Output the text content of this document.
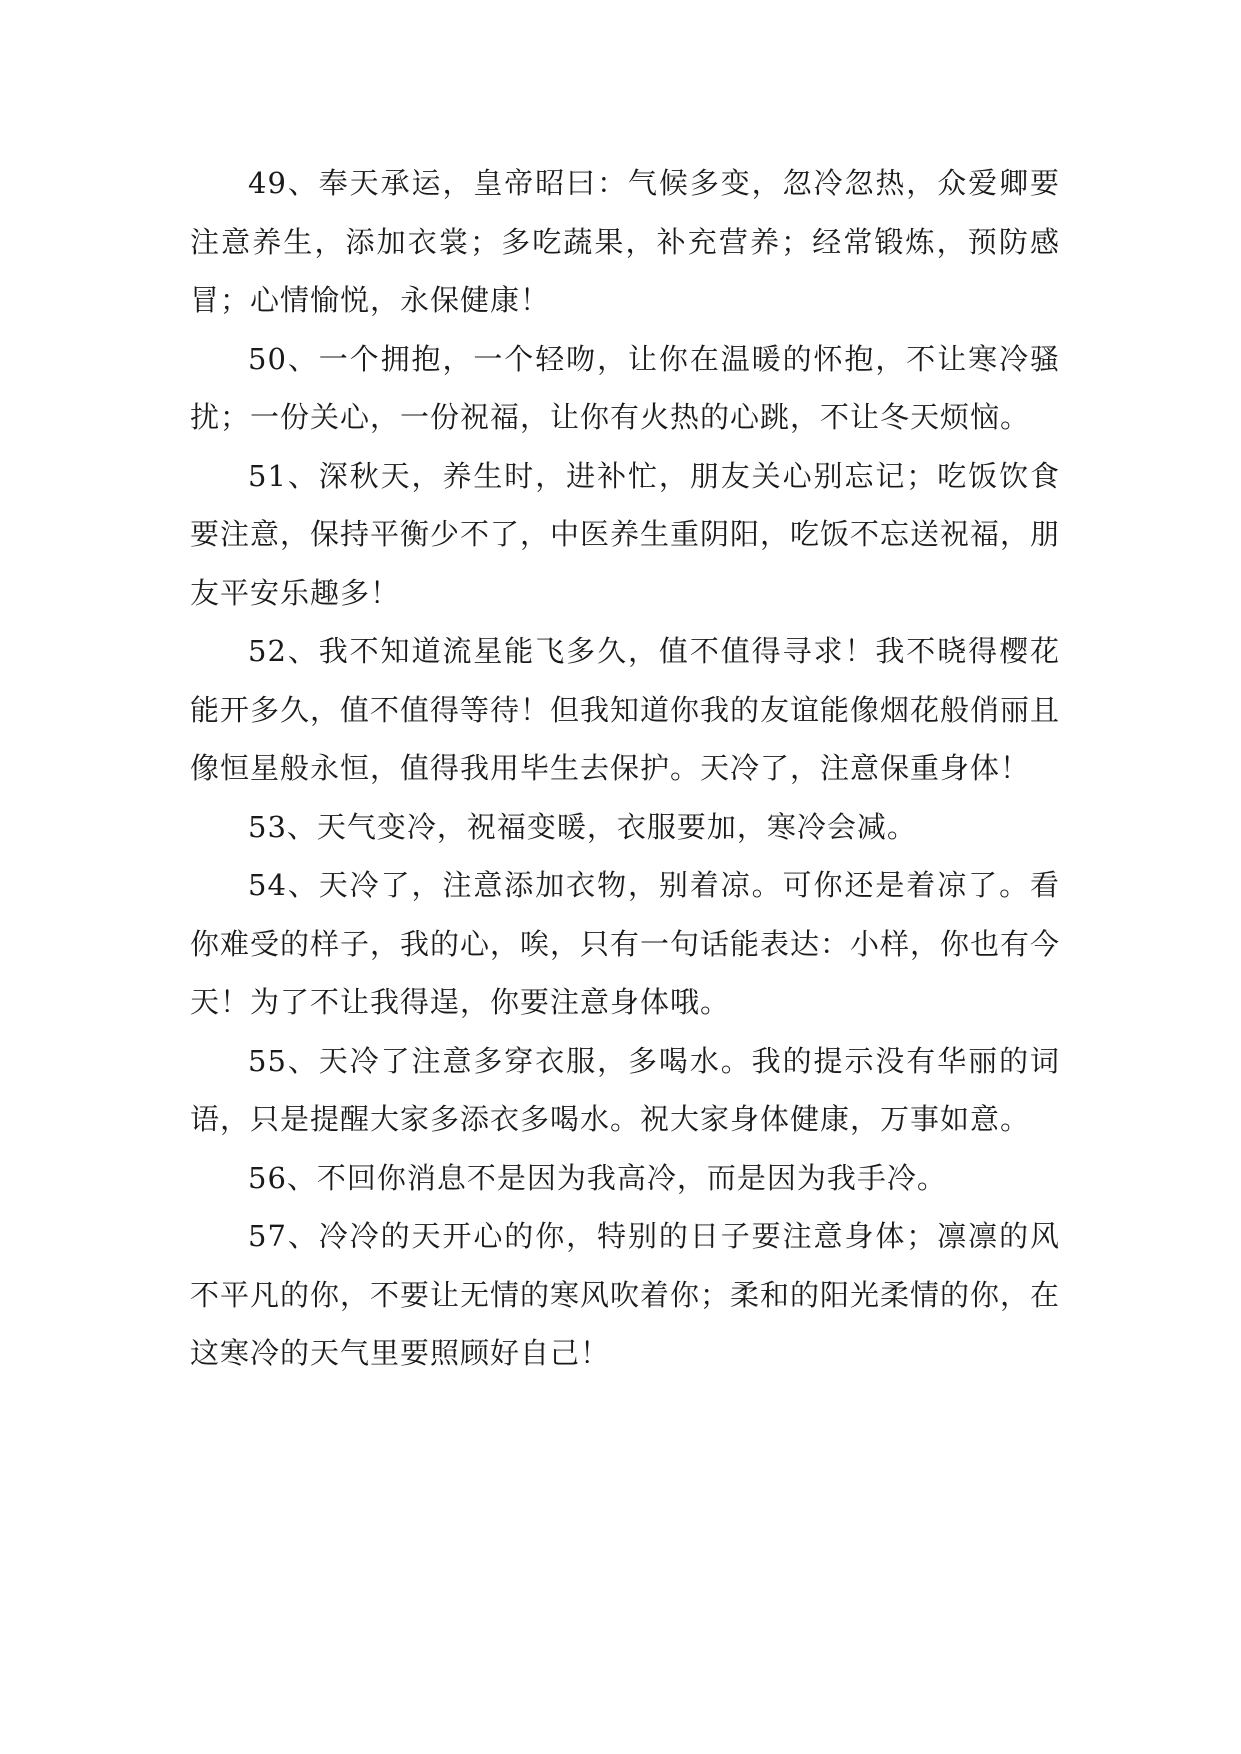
49、奉天承运，皇帝昭曰：气候多变，忽冷忽热，众爱卿要注意养生，添加衣裳；多吃蔬果，补充营养；经常锻炼，预防感冒；心情愉悦，永保健康！

50、一个拥抱，一个轻吻，让你在温暖的怀抱，不让寒冷骚扰；一份关心，一份祝福，让你有火热的心跳，不让冬天烦恼。

51、深秋天，养生时，进补忙，朋友关心别忘记；吃饭饮食要注意，保持平衡少不了，中医养生重阴阳，吃饭不忘送祝福，朋友平安乐趣多！

52、我不知道流星能飞多久，值不值得寻求！我不晓得樱花能开多久，值不值得等待！但我知道你我的友谊能像烟花般俏丽且像恒星般永恒，值得我用毕生去保护。天冷了，注意保重身体！

53、天气变冷，祝福变暖，衣服要加，寒冷会减。

54、天冷了，注意添加衣物，别着凉。可你还是着凉了。看你难受的样子，我的心，唉，只有一句话能表达：小样，你也有今天！为了不让我得逞，你要注意身体哦。

55、天冷了注意多穿衣服，多喝水。我的提示没有华丽的词语，只是提醒大家多添衣多喝水。祝大家身体健康，万事如意。

56、不回你消息不是因为我高冷，而是因为我手冷。

57、冷冷的天开心的你，特别的日子要注意身体；凛凛的风不平凡的你，不要让无情的寒风吹着你；柔和的阳光柔情的你，在这寒冷的天气里要照顾好自己！
